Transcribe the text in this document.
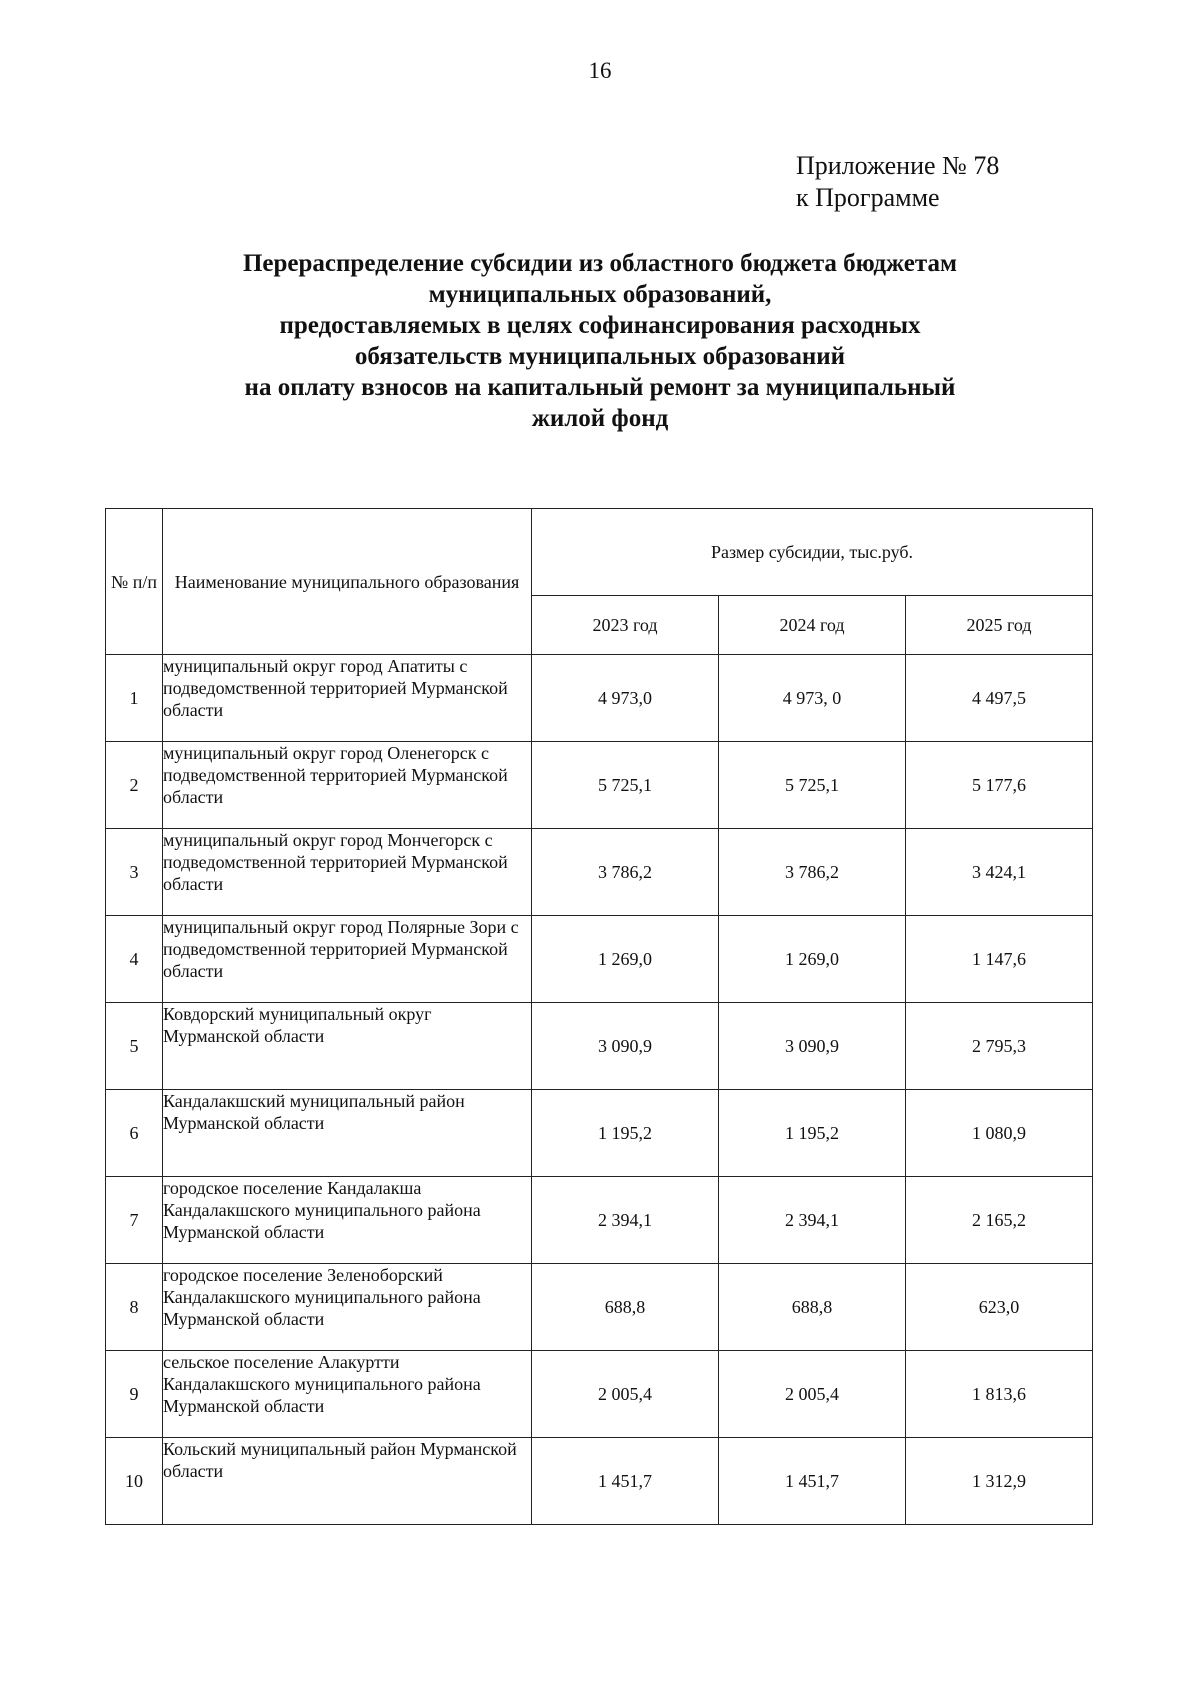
16
Приложение № 78
к Программе
Перераспределение субсидии из областного бюджета бюджетам
муниципальных образований,
предоставляемых в целях софинансирования расходных
обязательств муниципальных образований
на оплату взносов на капитальный ремонт за муниципальный
жилой фонд
№ п/п	Наименование муниципального образования	Размер субсидии, тыс.руб.		
		2023 год	2024 год	2025 год
1	муниципальный округ город Апатиты с подведомственной территорией Мурманской области	4 973,0	4 973, 0	4 497,5
2	муниципальный округ город Оленегорск с подведомственной территорией Мурманской области	5 725,1	5 725,1	5 177,6
3	муниципальный округ город Мончегорск с подведомственной территорией Мурманской области	3 786,2	3 786,2	3 424,1
4	муниципальный округ город Полярные Зори с подведомственной территорией Мурманской области	1 269,0	1 269,0	1 147,6
5	Ковдорский муниципальный округ Мурманской области	3 090,9	3 090,9	2 795,3
6	Кандалакшский муниципальный район Мурманской области	1 195,2	1 195,2	1 080,9
7	городское поселение Кандалакша Кандалакшского муниципального района Мурманской области	2 394,1	2 394,1	2 165,2
8	городское поселение Зеленоборский Кандалакшского муниципального района Мурманской области	688,8	688,8	623,0
9	сельское поселение Алакуртти Кандалакшского муниципального района Мурманской области	2 005,4	2 005,4	1 813,6
10	Кольский муниципальный район Мурманской области	1 451,7	1 451,7	1 312,9
